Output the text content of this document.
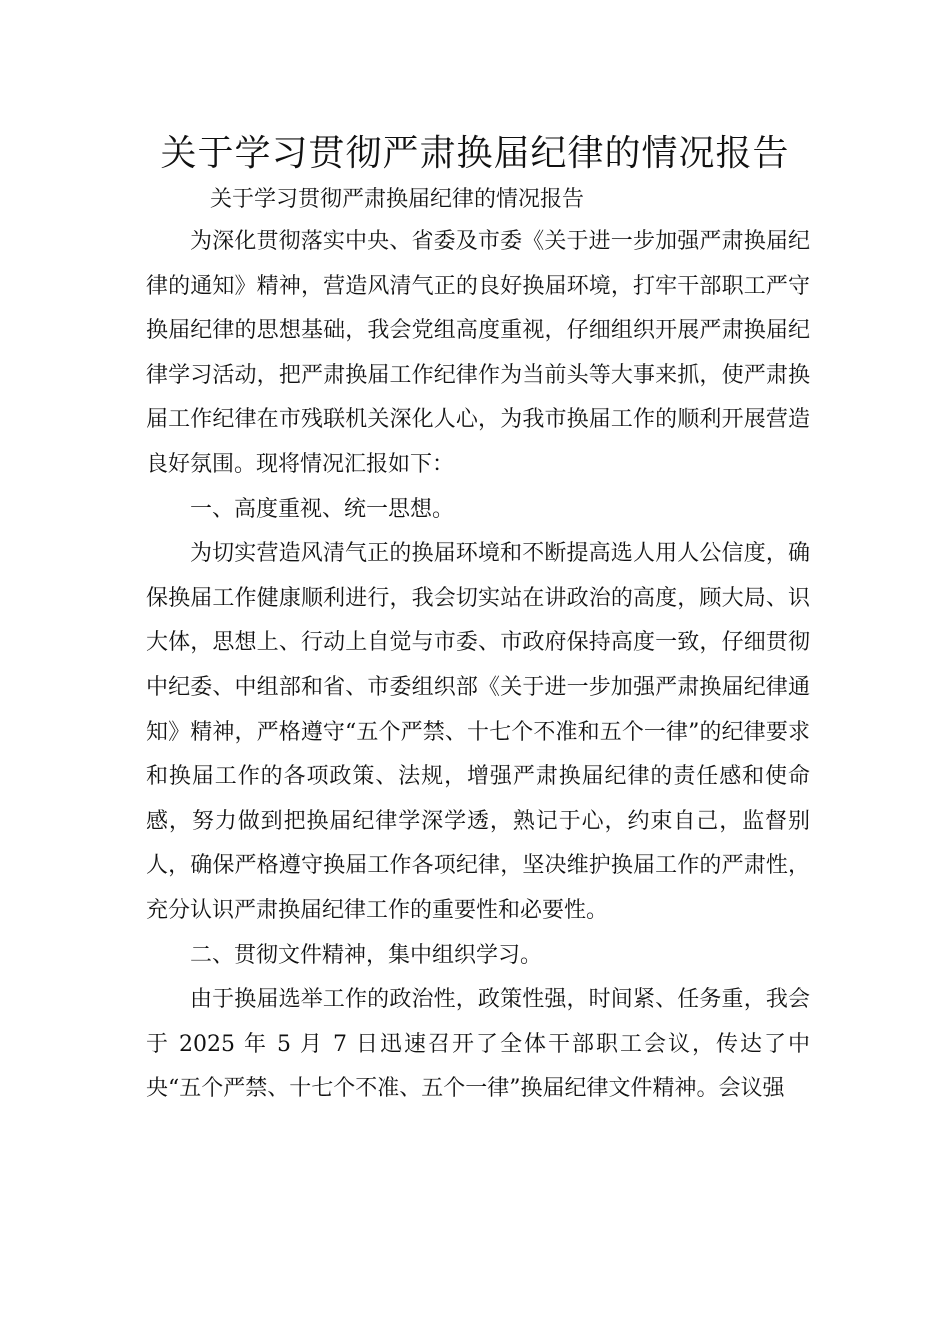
关于学习贯彻严肃换届纪律的情况报告

关于学习贯彻严肃换届纪律的情况报告

为深化贯彻落实中央、省委及市委《关于进一步加强严肃换届纪律的通知》精神，营造风清气正的良好换届环境，打牢干部职工严守换届纪律的思想基础，我会党组高度重视，仔细组织开展严肃换届纪律学习活动，把严肃换届工作纪律作为当前头等大事来抓，使严肃换届工作纪律在市残联机关深化人心，为我市换届工作的顺利开展营造良好氛围。现将情况汇报如下：

一、高度重视、统一思想。

为切实营造风清气正的换届环境和不断提高选人用人公信度，确保换届工作健康顺利进行，我会切实站在讲政治的高度，顾大局、识大体，思想上、行动上自觉与市委、市政府保持高度一致，仔细贯彻中纪委、中组部和省、市委组织部《关于进一步加强严肃换届纪律通知》精神，严格遵守“五个严禁、十七个不准和五个一律”的纪律要求和换届工作的各项政策、法规，增强严肃换届纪律的责任感和使命感，努力做到把换届纪律学深学透，熟记于心，约束自己，监督别人，确保严格遵守换届工作各项纪律，坚决维护换届工作的严肃性，充分认识严肃换届纪律工作的重要性和必要性。

二、贯彻文件精神，集中组织学习。

由于换届选举工作的政治性，政策性强，时间紧、任务重，我会于 2025 年 5 月 7 日迅速召开了全体干部职工会议，传达了中央“五个严禁、十七个不准、五个一律”换届纪律文件精神。会议强
